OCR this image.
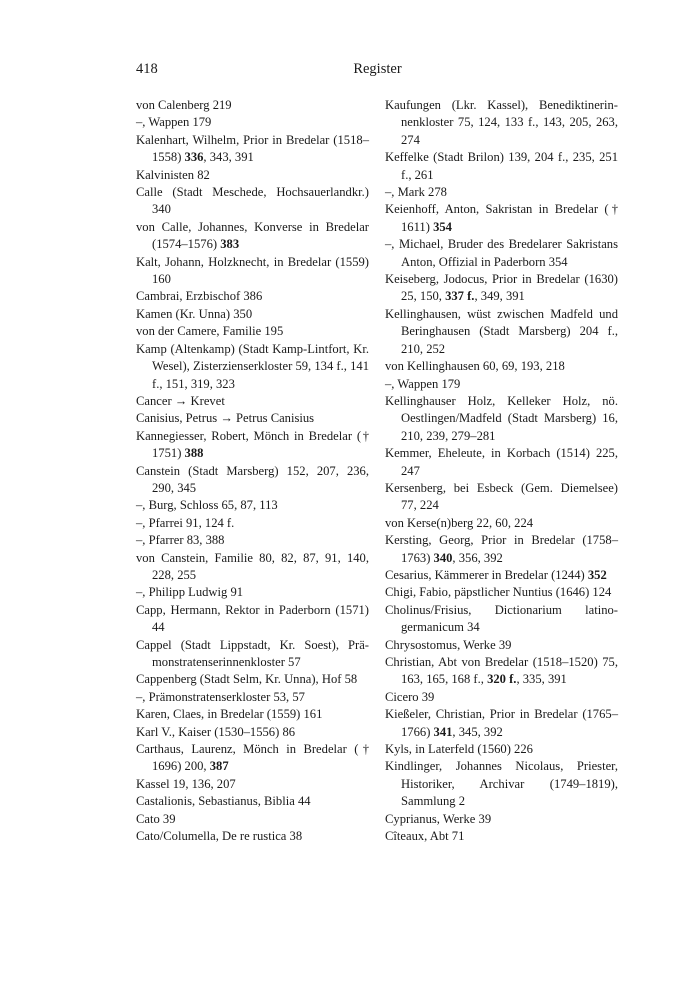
418	Register
von Calenberg 219
–, Wappen 179
Kalenhart, Wilhelm, Prior in Bredelar (1518–1558) 336, 343, 391
Kalvinisten 82
Calle (Stadt Meschede, Hochsauerlandkr.) 340
von Calle, Johannes, Konverse in Bredelar (1574–1576) 383
Kalt, Johann, Holzknecht, in Bredelar (1559) 160
Cambrai, Erzbischof 386
Kamen (Kr. Unna) 350
von der Camere, Familie 195
Kamp (Altenkamp) (Stadt Kamp-Lintfort, Kr. Wesel), Zisterzienserkloster 59, 134 f., 141 f., 151, 319, 323
Cancer → Krevet
Canisius, Petrus → Petrus Canisius
Kannegiesser, Robert, Mönch in Bredelar († 1751) 388
Canstein (Stadt Marsberg) 152, 207, 236, 290, 345
–, Burg, Schloss 65, 87, 113
–, Pfarrei 91, 124 f.
–, Pfarrer 83, 388
von Canstein, Familie 80, 82, 87, 91, 140, 228, 255
–, Philipp Ludwig 91
Capp, Hermann, Rektor in Paderborn (1571) 44
Cappel (Stadt Lippstadt, Kr. Soest), Prämonstratenserinnenkloster 57
Cappenberg (Stadt Selm, Kr. Unna), Hof 58
–, Prämonstratenserkloster 53, 57
Karen, Claes, in Bredelar (1559) 161
Karl V., Kaiser (1530–1556) 86
Carthaus, Laurenz, Mönch in Bredelar († 1696) 200, 387
Kassel 19, 136, 207
Castalionis, Sebastianus, Biblia 44
Cato 39
Cato/Columella, De re rustica 38
Kaufungen (Lkr. Kassel), Benediktinerinnenkloster 75, 124, 133 f., 143, 205, 263, 274
Keffelke (Stadt Brilon) 139, 204 f., 235, 251 f., 261
–, Mark 278
Keienhoff, Anton, Sakristan in Bredelar († 1611) 354
–, Michael, Bruder des Bredelarer Sakristans Anton, Offizial in Paderborn 354
Keiseberg, Jodocus, Prior in Bredelar (1630) 25, 150, 337 f., 349, 391
Kellinghausen, wüst zwischen Madfeld und Beringhausen (Stadt Marsberg) 204 f., 210, 252
von Kellinghausen 60, 69, 193, 218
–, Wappen 179
Kellinghauser Holz, Kelleker Holz, nö. Oestlingen/Madfeld (Stadt Marsberg) 16, 210, 239, 279–281
Kemmer, Eheleute, in Korbach (1514) 225, 247
Kersenberg, bei Esbeck (Gem. Diemelsee) 77, 224
von Kerse(n)berg 22, 60, 224
Kersting, Georg, Prior in Bredelar (1758–1763) 340, 356, 392
Cesarius, Kämmerer in Bredelar (1244) 352
Chigi, Fabio, päpstlicher Nuntius (1646) 124
Cholinus/Frisius, Dictionarium latinogermanicum 34
Chrysostomus, Werke 39
Christian, Abt von Bredelar (1518–1520) 75, 163, 165, 168 f., 320 f., 335, 391
Cicero 39
Kießeler, Christian, Prior in Bredelar (1765–1766) 341, 345, 392
Kyls, in Laterfeld (1560) 226
Kindlinger, Johannes Nicolaus, Priester, Historiker, Archivar (1749–1819), Sammlung 2
Cyprianus, Werke 39
Cîteaux, Abt 71
